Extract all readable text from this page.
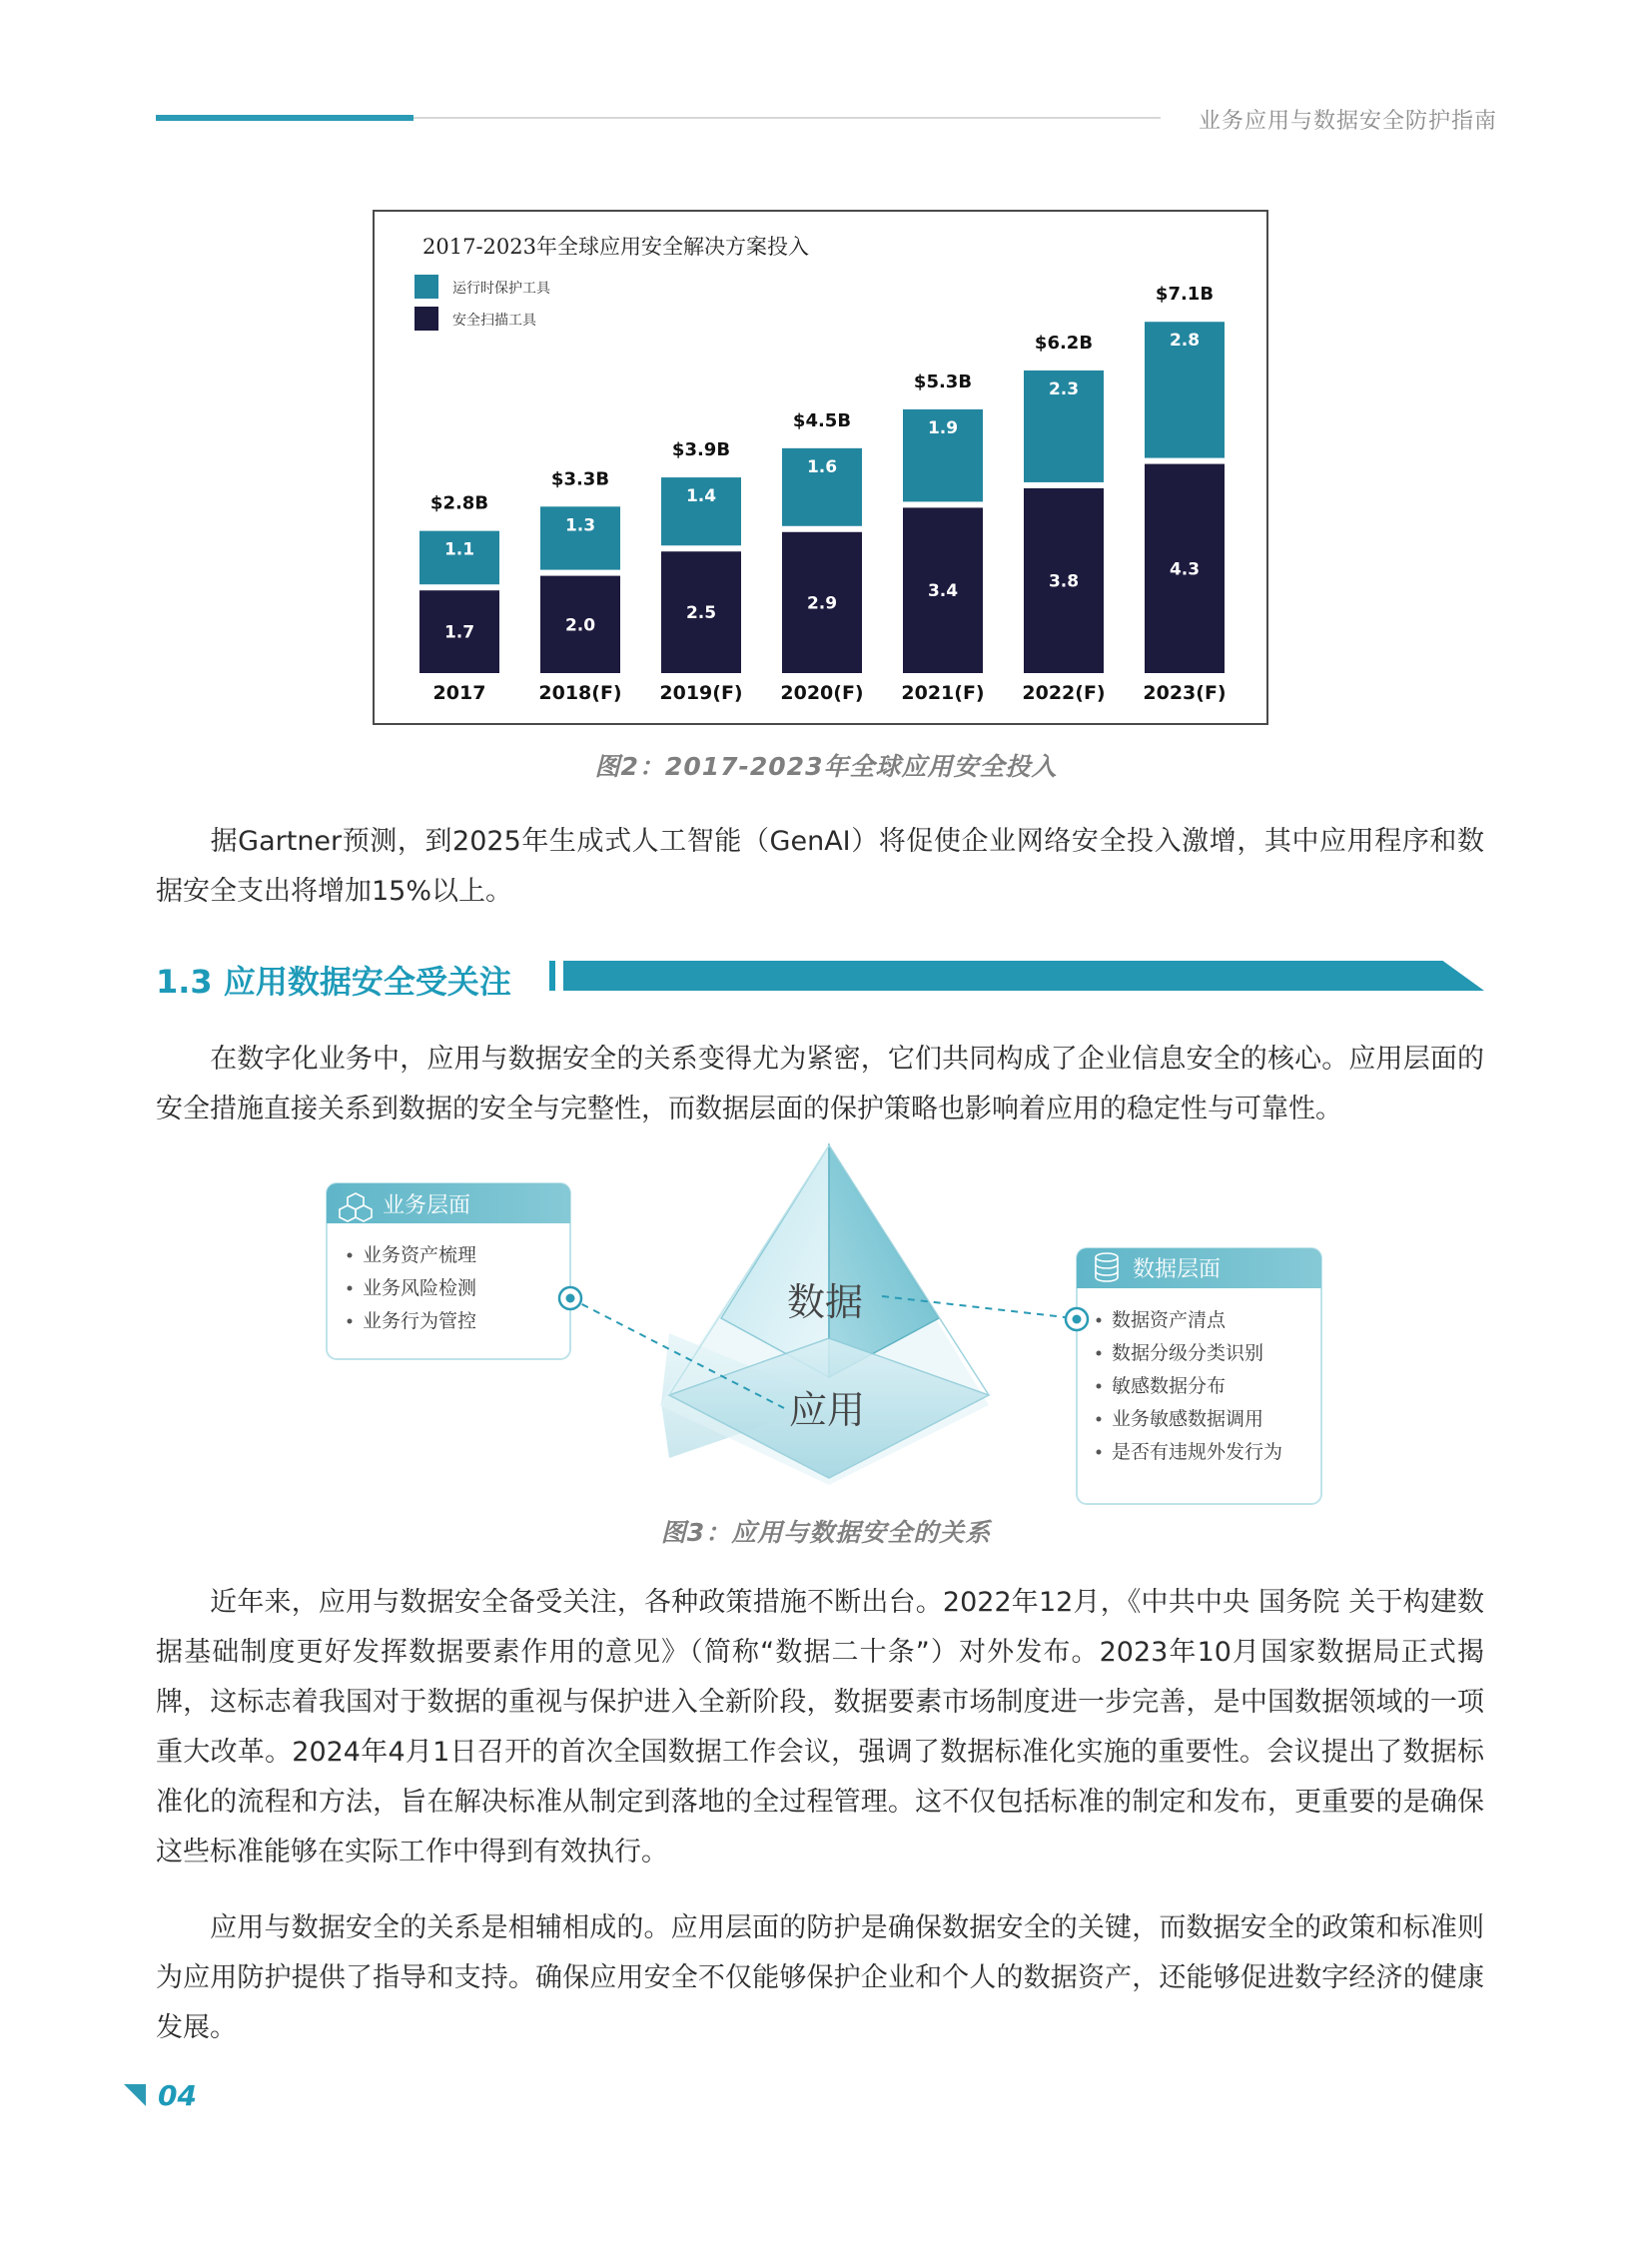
业务应用与数据安全防护指南
2017-2023年全球应用安全解决方案投入
运行时保护工具
安全扫描工具
1.7
1.1
$2.8B
2017
2.0
1.3
$3.3B
2018(F)
2.5
1.4
$3.9B
2019(F)
2.9
1.6
$4.5B
2020(F)
3.4
1.9
$5.3B
2021(F)
3.8
2.3
$6.2B
2022(F)
4.3
2.8
$7.1B
2023(F)
图2：2017-2023年全球应用安全投入
据Gartner预测，到2025年生成式人工智能（GenAI）将促使企业网络安全投入激增，其中应用程序和数据安全支出将增加15%以上。
1.3 应用数据安全受关注
在数字化业务中，应用与数据安全的关系变得尤为紧密，它们共同构成了企业信息安全的核心。应用层面的安全措施直接关系到数据的安全与完整性，而数据层面的保护策略也影响着应用的稳定性与可靠性。
数据
应用
业务层面
业务资产梳理
业务风险检测
业务行为管控
数据层面
数据资产清点
数据分级分类识别
敏感数据分布
业务敏感数据调用
是否有违规外发行为
图3：应用与数据安全的关系
近年来，应用与数据安全备受关注，各种政策措施不断出台。2022年12月，《中共中央 国务院 关于构建数据基础制度更好发挥数据要素作用的意见》（简称“数据二十条”）对外发布。2023年10月国家数据局正式揭牌，这标志着我国对于数据的重视与保护进入全新阶段，数据要素市场制度进一步完善，是中国数据领域的一项重大改革。2024年4月1日召开的首次全国数据工作会议，强调了数据标准化实施的重要性。会议提出了数据标准化的流程和方法，旨在解决标准从制定到落地的全过程管理。这不仅包括标准的制定和发布，更重要的是确保这些标准能够在实际工作中得到有效执行。
应用与数据安全的关系是相辅相成的。应用层面的防护是确保数据安全的关键，而数据安全的政策和标准则为应用防护提供了指导和支持。确保应用安全不仅能够保护企业和个人的数据资产，还能够促进数字经济的健康发展。
04
